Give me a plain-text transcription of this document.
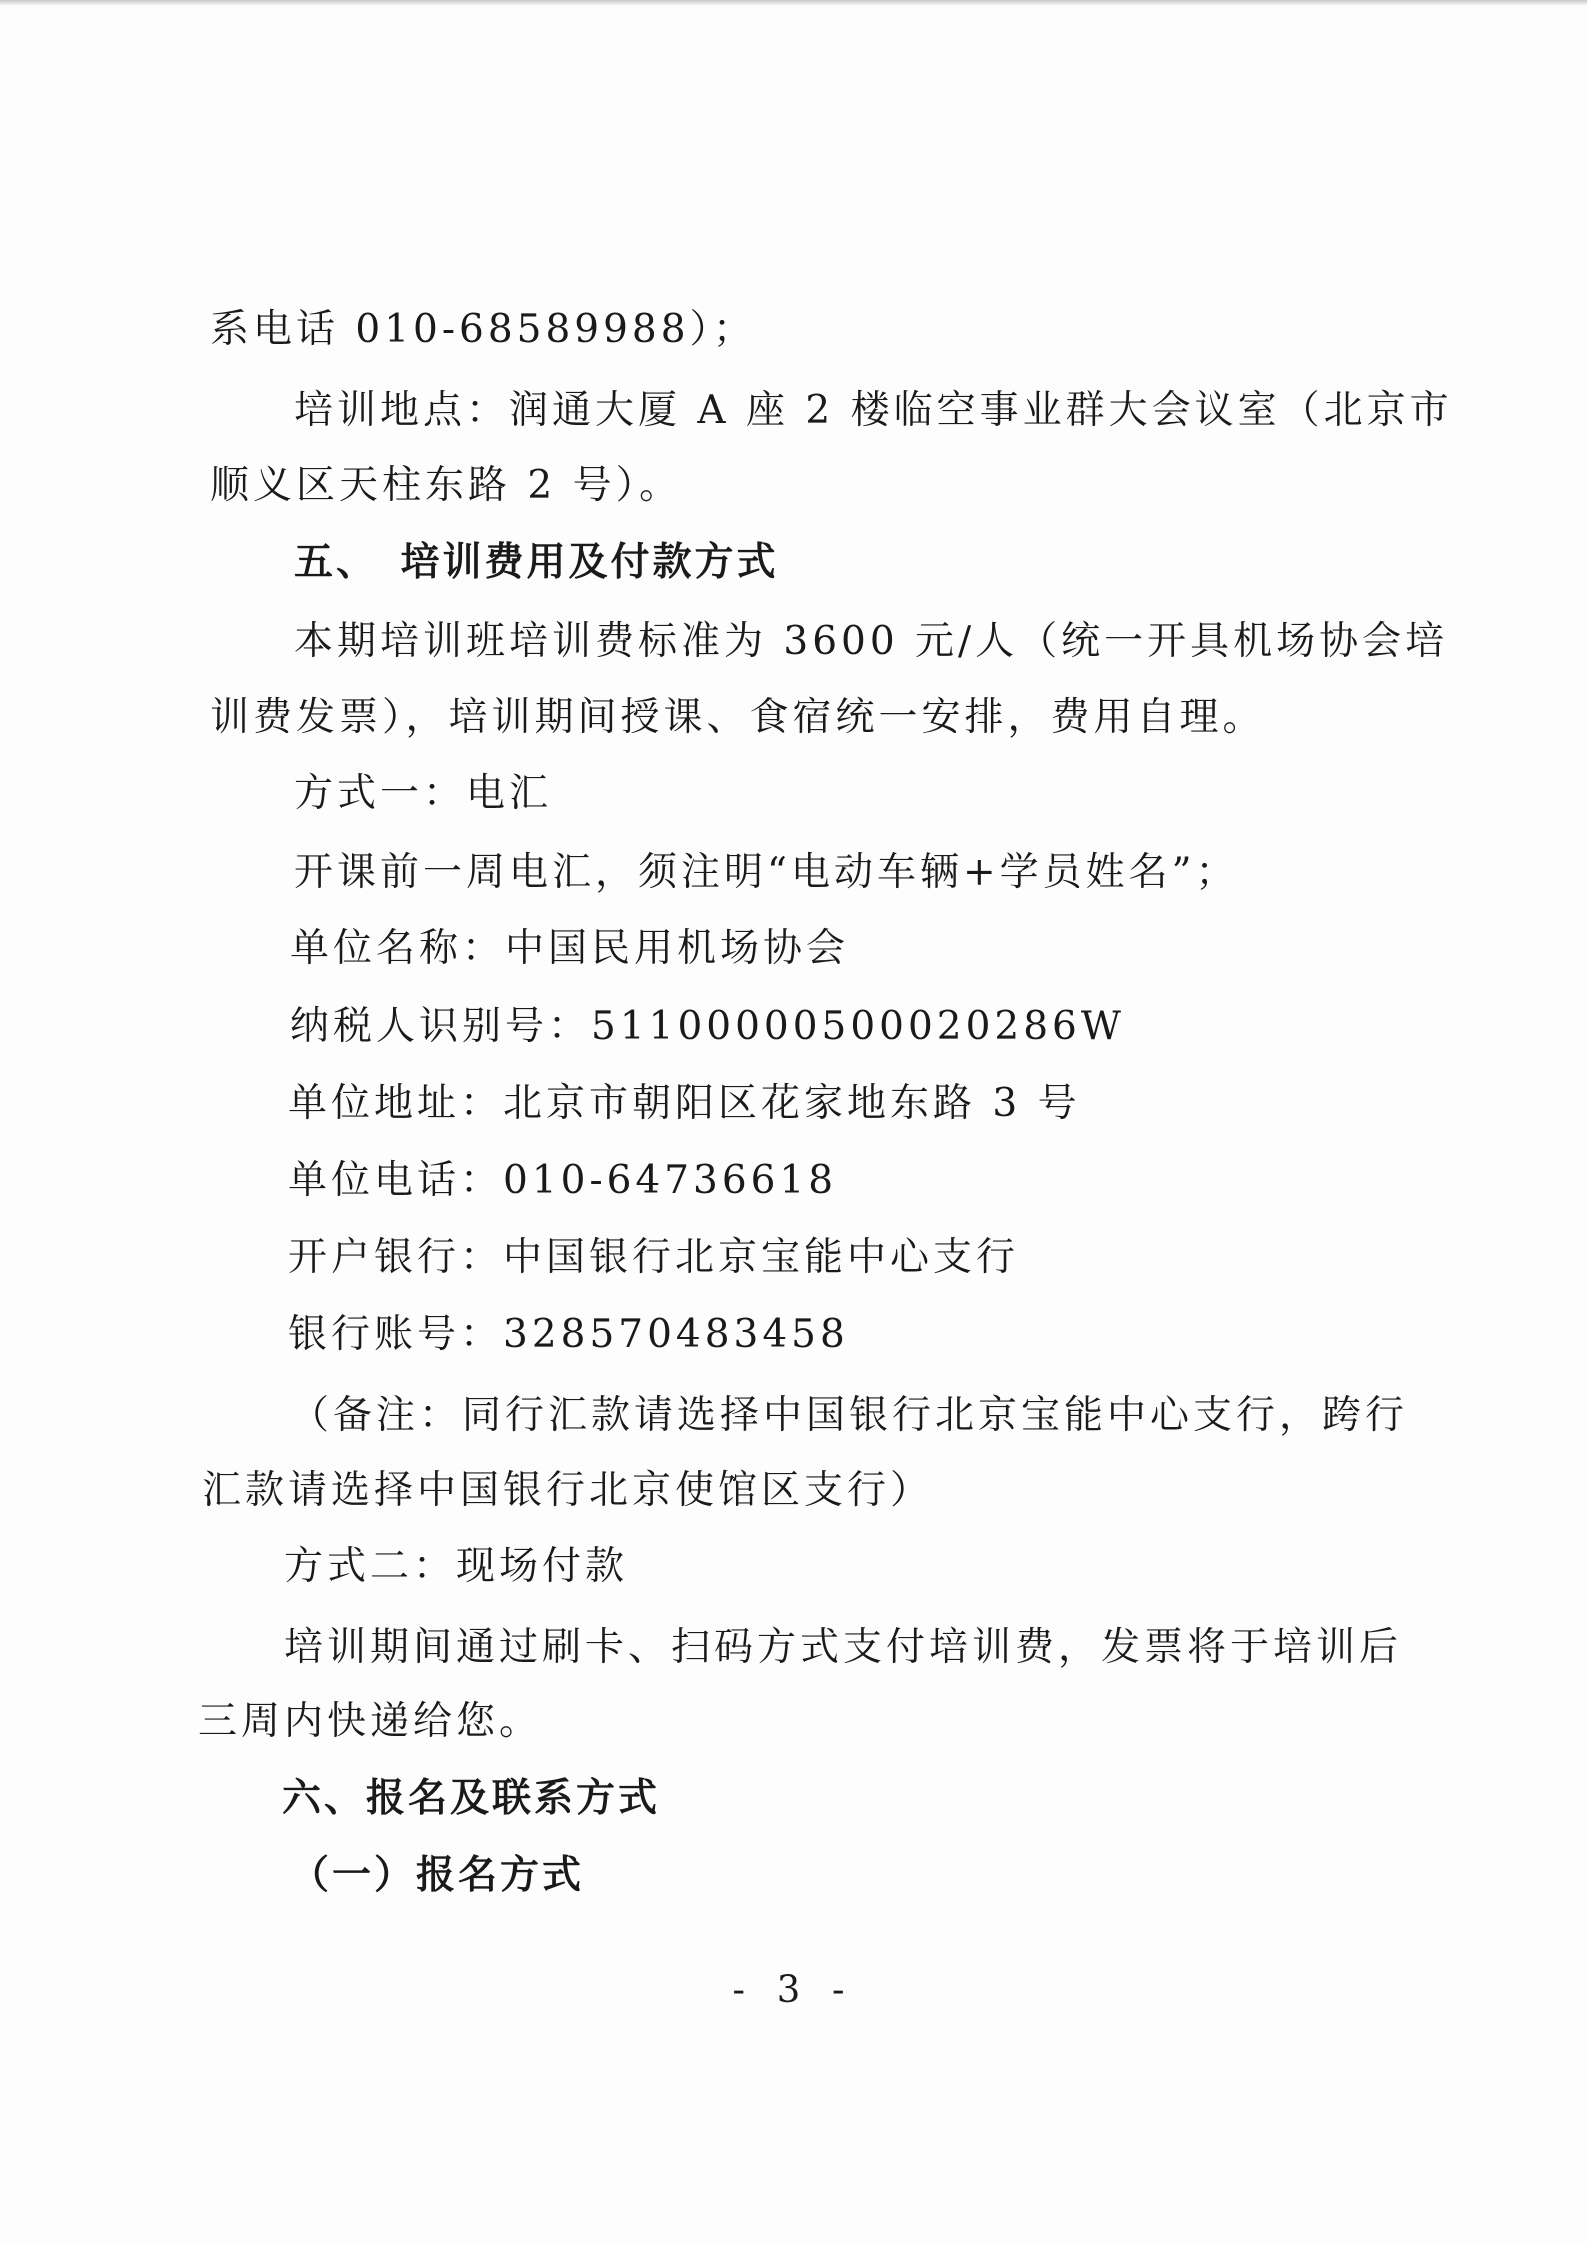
系电话 010-68589988）；
培训地点：润通大厦 A 座 2 楼临空事业群大会议室（北京市
顺义区天柱东路 2 号）。
五、　培训费用及付款方式
本期培训班培训费标准为 3600 元/人（统一开具机场协会培
训费发票），培训期间授课、食宿统一安排，费用自理。
方式一：电汇
开课前一周电汇，须注明“电动车辆+学员姓名”；
单位名称：中国民用机场协会
纳税人识别号：51100000500020286W
单位地址：北京市朝阳区花家地东路 3 号
单位电话：010-64736618
开户银行：中国银行北京宝能中心支行
银行账号：328570483458
（备注：同行汇款请选择中国银行北京宝能中心支行，跨行
汇款请选择中国银行北京使馆区支行）
方式二：现场付款
培训期间通过刷卡、扫码方式支付培训费，发票将于培训后
三周内快递给您。
六、报名及联系方式
（一）报名方式
- 3 -
